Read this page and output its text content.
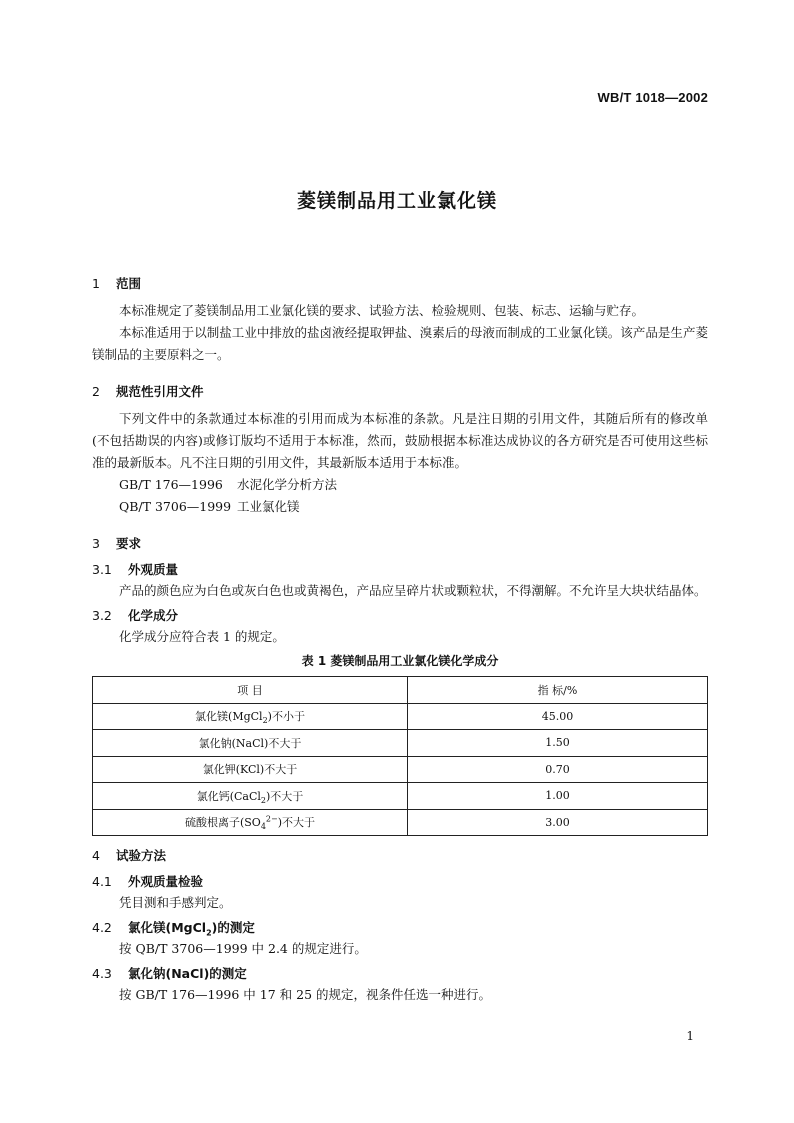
WB/T 1018—2002
菱镁制品用工业氯化镁
1 范围

本标准规定了菱镁制品用工业氯化镁的要求、试验方法、检验规则、包装、标志、运输与贮存。

本标准适用于以制盐工业中排放的盐卤液经提取钾盐、溴素后的母液而制成的工业氯化镁。该产品是生产菱镁制品的主要原料之一。

2 规范性引用文件

下列文件中的条款通过本标准的引用而成为本标准的条款。凡是注日期的引用文件，其随后所有的修改单(不包括勘误的内容)或修订版均不适用于本标准，然而，鼓励根据本标准达成协议的各方研究是否可使用这些标准的最新版本。凡不注日期的引用文件，其最新版本适用于本标准。

GB/T 176—1996 水泥化学分析方法
QB/T 3706—1999 工业氯化镁
3 要求
3.1 外观质量

产品的颜色应为白色或灰白色也或黄褐色，产品应呈碎片状或颗粒状，不得潮解。不允许呈大块状结晶体。

3.2 化学成分
化学成分应符合表 1 的规定。
表 1 菱镁制品用工业氯化镁化学成分
项 目	指 标/%
氯化镁(MgCl$_2$)不小于	45.00
氯化钠(NaCl)不大于	1.50
氯化钾(KCl)不大于	0.70
氯化钙(CaCl$_2$)不大于	1.00
硫酸根离子$(SO_4^{2-})$不大于	3.00
4 试验方法
4.1 外观质量检验
凭目测和手感判定。
4.2 氯化镁(MgCl$_2$)的测定
按 QB/T 3706—1999 中 2.4 的规定进行。
4.3 氯化钠(NaCl)的测定
按 GB/T 176—1996 中 17 和 25 的规定，视条件任选一种进行。
1
